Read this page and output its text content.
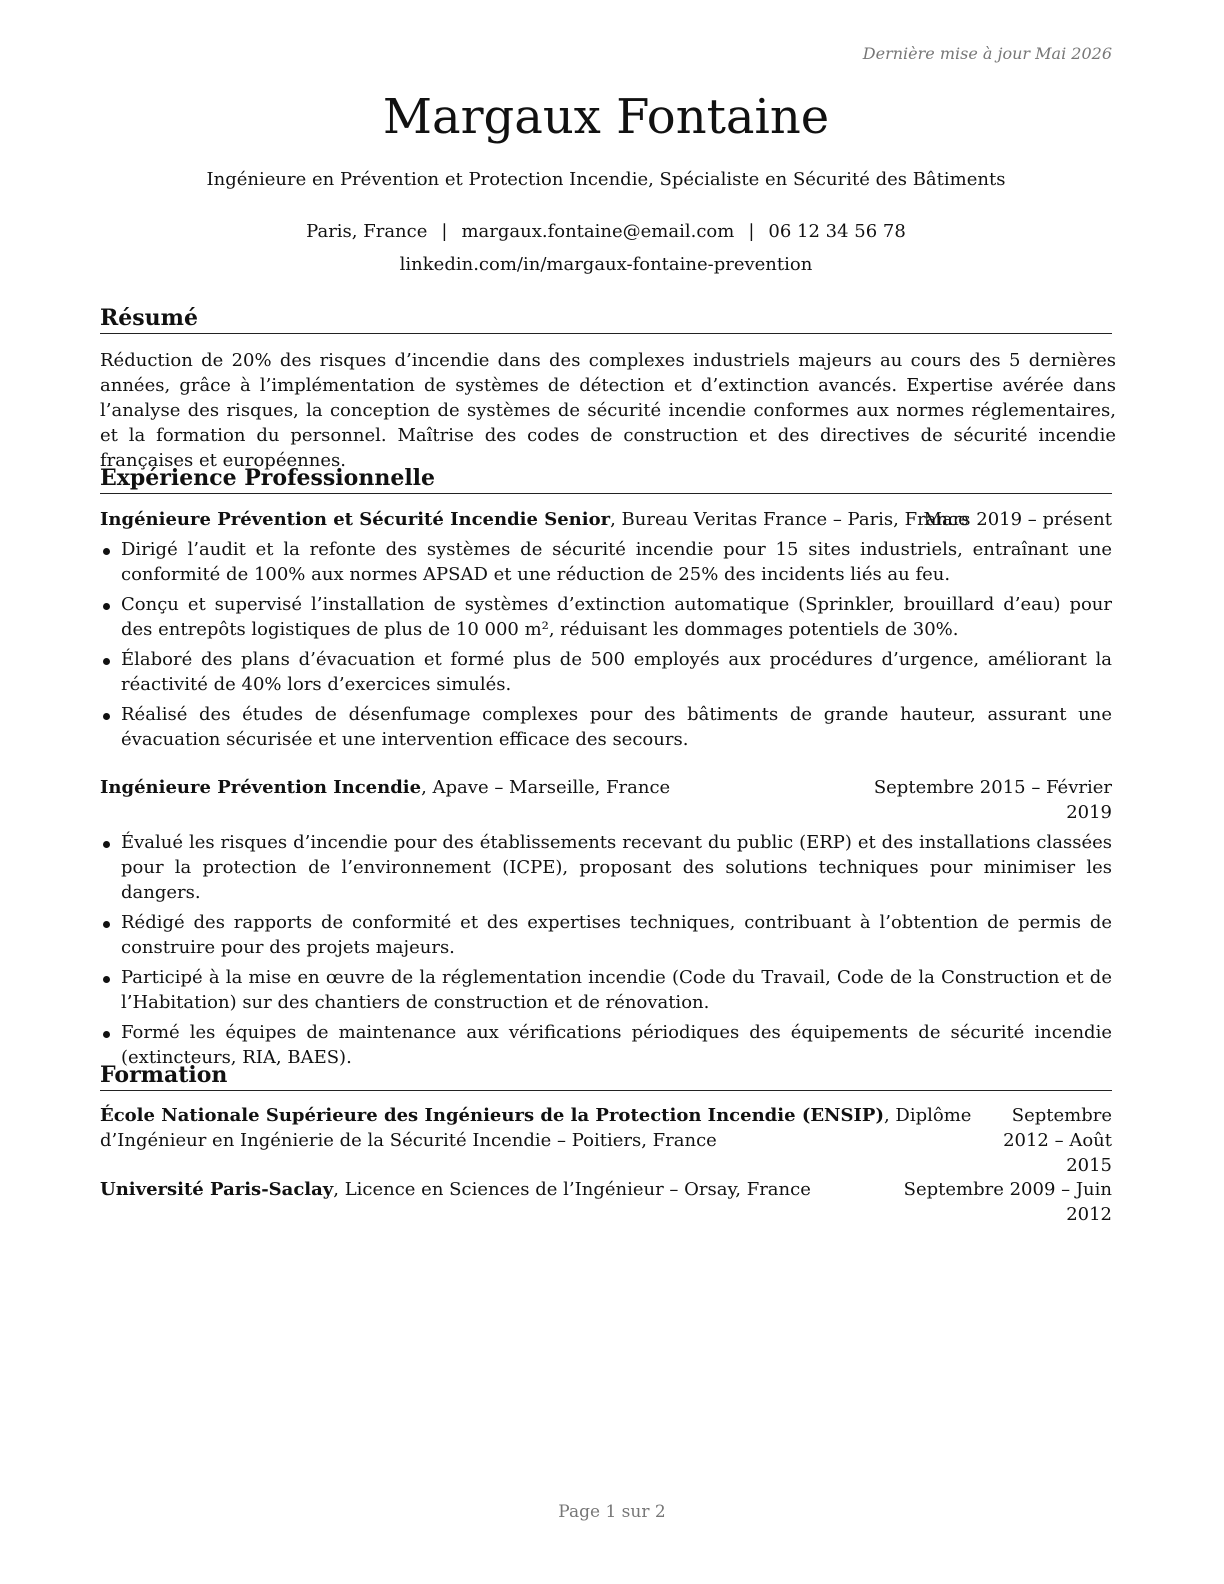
Dernière mise à jour Mai 2026
Margaux Fontaine
Ingénieure en Prévention et Protection Incendie, Spécialiste en Sécurité des Bâtiments
Paris, France | margaux.fontaine@email.com | 06 12 34 56 78
linkedin.com/in/margaux-fontaine-prevention
Résumé
Réduction de 20% des risques d’incendie dans des complexes industriels majeurs au cours des 5 dernières années, grâce à l’implémentation de systèmes de détection et d’extinction avancés. Expertise avérée dans l’analyse des risques, la conception de systèmes de sécurité incendie conformes aux normes réglementaires, et la formation du personnel. Maîtrise des codes de construction et des directives de sécurité incendie françaises et européennes.
Expérience Professionnelle
Ingénieure Prévention et Sécurité Incendie Senior, Bureau Veritas France – Paris, France
Mars 2019 – présent
Dirigé l’audit et la refonte des systèmes de sécurité incendie pour 15 sites industriels, entraînant une conformité de 100% aux normes APSAD et une réduction de 25% des incidents liés au feu.
Conçu et supervisé l’installation de systèmes d’extinction automatique (Sprinkler, brouillard d’eau) pour des entrepôts logistiques de plus de 10 000 m², réduisant les dommages potentiels de 30%.
Élaboré des plans d’évacuation et formé plus de 500 employés aux procédures d’urgence, améliorant la réactivité de 40% lors d’exercices simulés.
Réalisé des études de désenfumage complexes pour des bâtiments de grande hauteur, assurant une évacuation sécurisée et une intervention efficace des secours.
Ingénieure Prévention Incendie, Apave – Marseille, France	Septembre 2015 – Février 2019
Évalué les risques d’incendie pour des établissements recevant du public (ERP) et des installations classées pour la protection de l’environnement (ICPE), proposant des solutions techniques pour minimiser les dangers.
Rédigé des rapports de conformité et des expertises techniques, contribuant à l’obtention de permis de construire pour des projets majeurs.
Participé à la mise en œuvre de la réglementation incendie (Code du Travail, Code de la Construction et de l’Habitation) sur des chantiers de construction et de rénovation.
Formé les équipes de maintenance aux vérifications périodiques des équipements de sécurité incendie (extincteurs, RIA, BAES).
Formation
École Nationale Supérieure des Ingénieurs de la Protection Incendie (ENSIP), Diplôme
d’Ingénieur en Ingénierie de la Sécurité Incendie – Poitiers, France
Septembre 2012 – Août 2015
Université Paris-Saclay, Licence en Sciences de l’Ingénieur – Orsay, France	Septembre 2009 – Juin 2012
Page 1 sur 2
